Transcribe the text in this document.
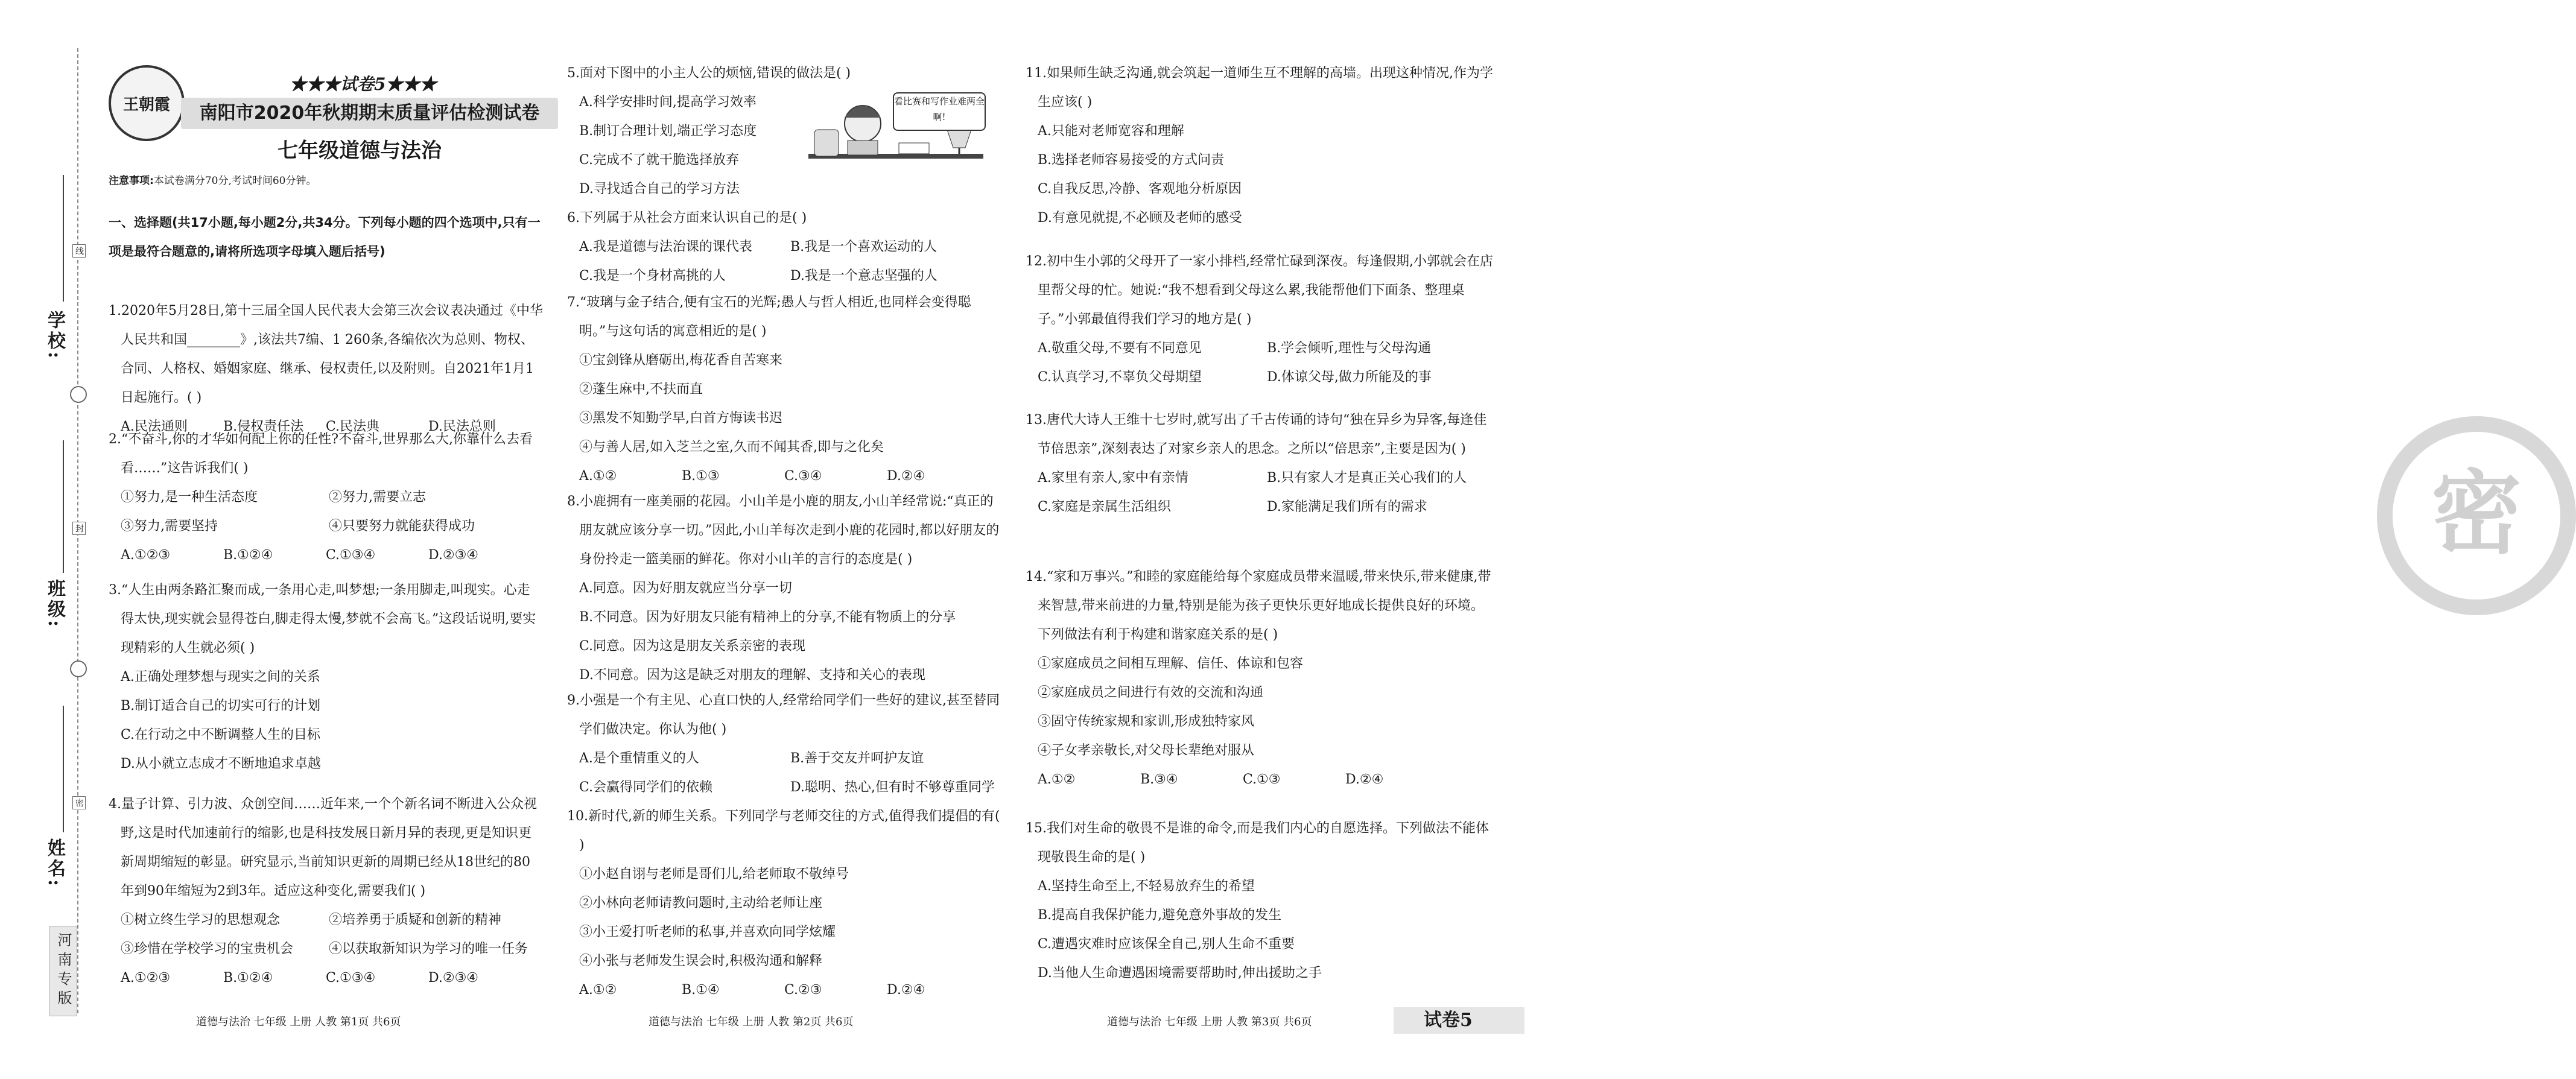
学校:
班级:
姓名:
线
封
密
河南专版
王朝霞
★★★试卷5★★★
南阳市2020年秋期期末质量评估检测试卷
七年级道德与法治
注意事项:本试卷满分70分,考试时间60分钟。
一、选择题(共17小题,每小题2分,共34分。下列每小题的四个选项中,只有一项是最符合题意的,请将所选项字母填入题后括号)
1.2020年5月28日,第十三届全国人民代表大会第三次会议表决通过《中华人民共和国________》,该法共7编、1 260条,各编依次为总则、物权、合同、人格权、婚姻家庭、继承、侵权责任,以及附则。自2021年1月1日起施行。( )
A.民法通则	B.侵权责任法	C.民法典	D.民法总则
2.“不奋斗,你的才华如何配上你的任性?不奋斗,世界那么大,你靠什么去看看……”这告诉我们( )
①努力,是一种生活态度	②努力,需要立志
③努力,需要坚持	④只要努力就能获得成功
A.①②③	B.①②④	C.①③④	D.②③④
3.“人生由两条路汇聚而成,一条用心走,叫梦想;一条用脚走,叫现实。心走得太快,现实就会显得苍白,脚走得太慢,梦就不会高飞。”这段话说明,要实现精彩的人生就必须( )
A.正确处理梦想与现实之间的关系
B.制订适合自己的切实可行的计划
C.在行动之中不断调整人生的目标
D.从小就立志成才不断地追求卓越
4.量子计算、引力波、众创空间……近年来,一个个新名词不断进入公众视野,这是时代加速前行的缩影,也是科技发展日新月异的表现,更是知识更新周期缩短的彰显。研究显示,当前知识更新的周期已经从18世纪的80年到90年缩短为2到3年。适应这种变化,需要我们( )
①树立终生学习的思想观念	②培养勇于质疑和创新的精神
③珍惜在学校学习的宝贵机会	④以获取新知识为学习的唯一任务
A.①②③	B.①②④	C.①③④	D.②③④
道德与法治 七年级 上册 人教 第1页 共6页
5.面对下图中的小主人公的烦恼,错误的做法是( )
A.科学安排时间,提高学习效率
B.制订合理计划,端正学习态度
C.完成不了就干脆选择放弃
D.寻找适合自己的学习方法
看比赛和写作业难两全啊!
6.下列属于从社会方面来认识自己的是( )
A.我是道德与法治课的课代表	B.我是一个喜欢运动的人
C.我是一个身材高挑的人	D.我是一个意志坚强的人
7.“玻璃与金子结合,便有宝石的光辉;愚人与哲人相近,也同样会变得聪明。”与这句话的寓意相近的是( )
①宝剑锋从磨砺出,梅花香自苦寒来
②蓬生麻中,不扶而直
③黑发不知勤学早,白首方悔读书迟
④与善人居,如入芝兰之室,久而不闻其香,即与之化矣
A.①②	B.①③	C.③④	D.②④
8.小鹿拥有一座美丽的花园。小山羊是小鹿的朋友,小山羊经常说:“真正的朋友就应该分享一切。”因此,小山羊每次走到小鹿的花园时,都以好朋友的身份拎走一篮美丽的鲜花。你对小山羊的言行的态度是( )
A.同意。因为好朋友就应当分享一切
B.不同意。因为好朋友只能有精神上的分享,不能有物质上的分享
C.同意。因为这是朋友关系亲密的表现
D.不同意。因为这是缺乏对朋友的理解、支持和关心的表现
9.小强是一个有主见、心直口快的人,经常给同学们一些好的建议,甚至替同学们做决定。你认为他( )
A.是个重情重义的人	B.善于交友并呵护友谊
C.会赢得同学们的依赖	D.聪明、热心,但有时不够尊重同学
10.新时代,新的师生关系。下列同学与老师交往的方式,值得我们提倡的有( )
①小赵自诩与老师是哥们儿,给老师取不敬绰号
②小林向老师请教问题时,主动给老师让座
③小王爱打听老师的私事,并喜欢向同学炫耀
④小张与老师发生误会时,积极沟通和解释
A.①②	B.①④	C.②③	D.②④
道德与法治 七年级 上册 人教 第2页 共6页
密
11.如果师生缺乏沟通,就会筑起一道师生互不理解的高墙。出现这种情况,作为学生应该( )
A.只能对老师宽容和理解
B.选择老师容易接受的方式问责
C.自我反思,冷静、客观地分析原因
D.有意见就提,不必顾及老师的感受
12.初中生小郭的父母开了一家小排档,经常忙碌到深夜。每逢假期,小郭就会在店里帮父母的忙。她说:“我不想看到父母这么累,我能帮他们下面条、整理桌子。”小郭最值得我们学习的地方是( )
A.敬重父母,不要有不同意见	B.学会倾听,理性与父母沟通
C.认真学习,不辜负父母期望	D.体谅父母,做力所能及的事
13.唐代大诗人王维十七岁时,就写出了千古传诵的诗句“独在异乡为异客,每逢佳节倍思亲”,深刻表达了对家乡亲人的思念。之所以“倍思亲”,主要是因为( )
A.家里有亲人,家中有亲情	B.只有家人才是真正关心我们的人
C.家庭是亲属生活组织	D.家能满足我们所有的需求
14.“家和万事兴。”和睦的家庭能给每个家庭成员带来温暖,带来快乐,带来健康,带来智慧,带来前进的力量,特别是能为孩子更快乐更好地成长提供良好的环境。下列做法有利于构建和谐家庭关系的是( )
①家庭成员之间相互理解、信任、体谅和包容
②家庭成员之间进行有效的交流和沟通
③固守传统家规和家训,形成独特家风
④子女孝亲敬长,对父母长辈绝对服从
A.①②	B.③④	C.①③	D.②④
15.我们对生命的敬畏不是谁的命令,而是我们内心的自愿选择。下列做法不能体现敬畏生命的是( )
A.坚持生命至上,不轻易放弃生的希望
B.提高自我保护能力,避免意外事故的发生
C.遭遇灾难时应该保全自己,别人生命不重要
D.当他人生命遭遇困境需要帮助时,伸出援助之手
道德与法治 七年级 上册 人教 第3页 共6页	试卷5
